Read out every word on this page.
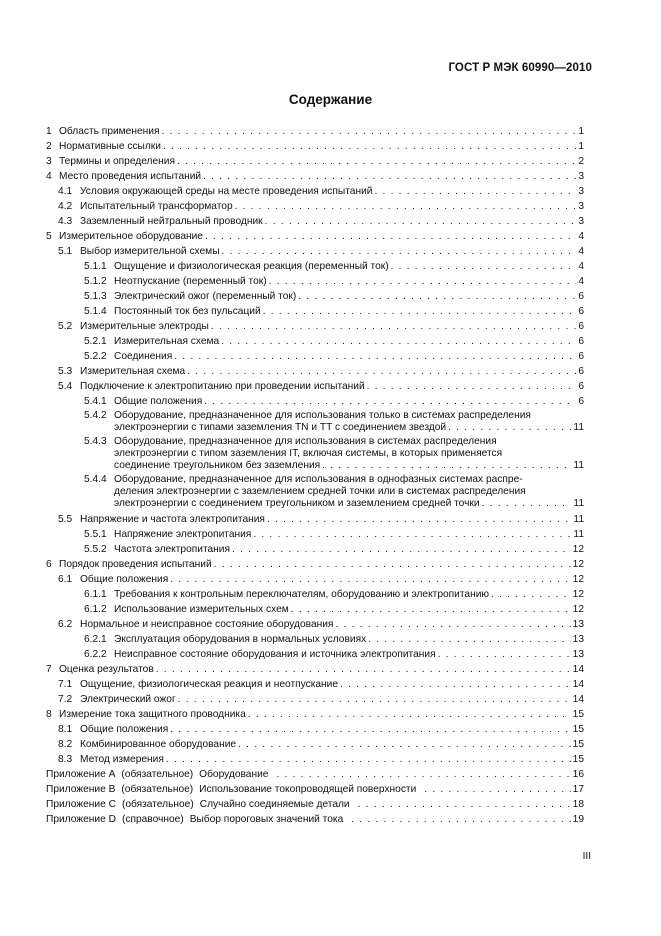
ГОСТ Р МЭК 60990—2010
Содержание
1 Область применения . . .	1
2 Нормативные ссылки . . .	1
3 Термины и определения . . .	2
4 Место проведения испытаний . . .	3
4.1 Условия окружающей среды на месте проведения испытаний . . .	3
4.2 Испытательный трансформатор . . .	3
4.3 Заземленный нейтральный проводник . . .	3
5 Измерительное оборудование . . .	4
5.1 Выбор измерительной схемы . . .	4
5.1.1 Ощущение и физиологическая реакция (переменный ток) . . .	4
5.1.2 Неотпускание (переменный ток) . . .	4
5.1.3 Электрический ожог (переменный ток) . . .	6
5.1.4 Постоянный ток без пульсаций . . .	6
5.2 Измерительные электроды . . .	6
5.2.1 Измерительная схема . . .	6
5.2.2 Соединения . . .	6
5.3 Измерительная схема . . .	6
5.4 Подключение к электропитанию при проведении испытаний . . .	6
5.4.1 Общие положения . . .	6
5.4.2 Оборудование, предназначенное для использования только в системах распределения
электроэнергии с типами заземления TN и TT с соединением звездой . . .	11
5.4.3 Оборудование, предназначенное для использования в системах распределения
электроэнергии с типом заземления IT, включая системы, в которых применяется
соединение треугольником без заземления . . .	11
5.4.4 Оборудование, предназначенное для использования в однофазных системах распре-
деления электроэнергии с заземлением средней точки или в системах распределения
электроэнергии с соединением треугольником и заземлением средней точки . . .	11
5.5 Напряжение и частота электропитания . . .	11
5.5.1 Напряжение электропитания . . .	11
5.5.2 Частота электропитания . . .	12
6 Порядок проведения испытаний . . .	12
6.1 Общие положения . . .	12
6.1.1 Требования к контрольным переключателям, оборудованию и электропитанию . . .	12
6.1.2 Использование измерительных схем . . .	12
6.2 Нормальное и неисправное состояние оборудования . . .	13
6.2.1 Эксплуатация оборудования в нормальных условиях . . .	13
6.2.2 Неисправное состояние оборудования и источника электропитания . . .	13
7 Оценка результатов . . .	14
7.1 Ощущение, физиологическая реакция и неотпускание . . .	14
7.2 Электрический ожог . . .	14
8 Измерение тока защитного проводника . . .	15
8.1 Общие положения . . .	15
8.2 Комбинированное оборудование . . .	15
8.3 Метод измерения . . .	15
Приложение A (обязательное) Оборудование . . .	16
Приложение B (обязательное) Использование токопроводящей поверхности . . .	17
Приложение C (обязательное) Случайно соединяемые детали . . .	18
Приложение D (справочное) Выбор пороговых значений тока . . .	19
III
